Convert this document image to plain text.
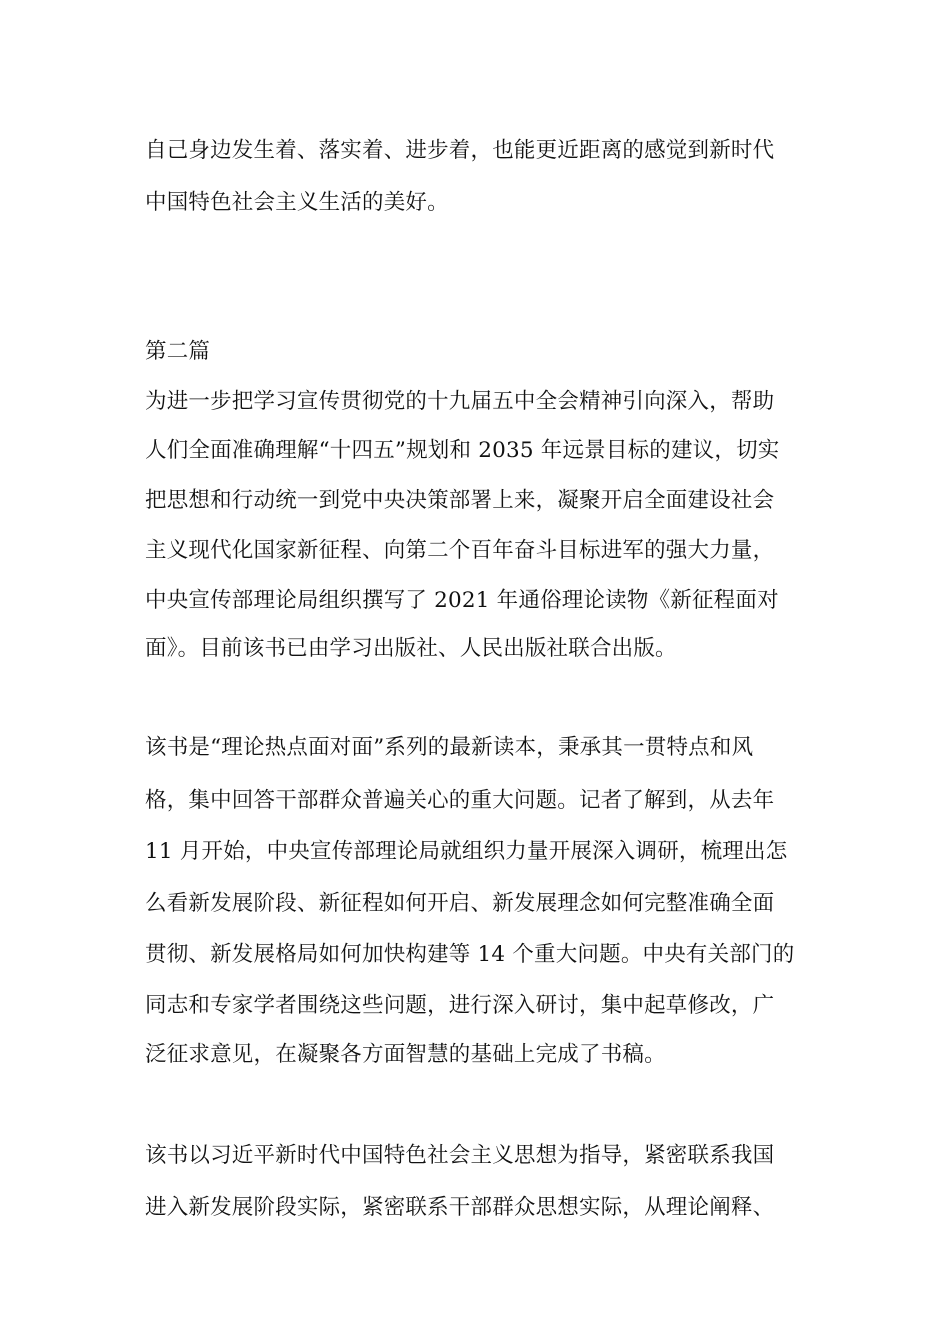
自己身边发生着、落实着、进步着，也能更近距离的感觉到新时代
中国特色社会主义生活的美好。
第二篇
为进一步把学习宣传贯彻党的十九届五中全会精神引向深入，帮助
人们全面准确理解“十四五”规划和 2035 年远景目标的建议，切实
把思想和行动统一到党中央决策部署上来，凝聚开启全面建设社会
主义现代化国家新征程、向第二个百年奋斗目标进军的强大力量，
中央宣传部理论局组织撰写了 2021 年通俗理论读物《新征程面对
面》。目前该书已由学习出版社、人民出版社联合出版。
该书是“理论热点面对面”系列的最新读本，秉承其一贯特点和风
格，集中回答干部群众普遍关心的重大问题。记者了解到，从去年
11 月开始，中央宣传部理论局就组织力量开展深入调研，梳理出怎
么看新发展阶段、新征程如何开启、新发展理念如何完整准确全面
贯彻、新发展格局如何加快构建等 14 个重大问题。中央有关部门的
同志和专家学者围绕这些问题，进行深入研讨，集中起草修改，广
泛征求意见，在凝聚各方面智慧的基础上完成了书稿。
该书以习近平新时代中国特色社会主义思想为指导，紧密联系我国
进入新发展阶段实际，紧密联系干部群众思想实际，从理论阐释、
